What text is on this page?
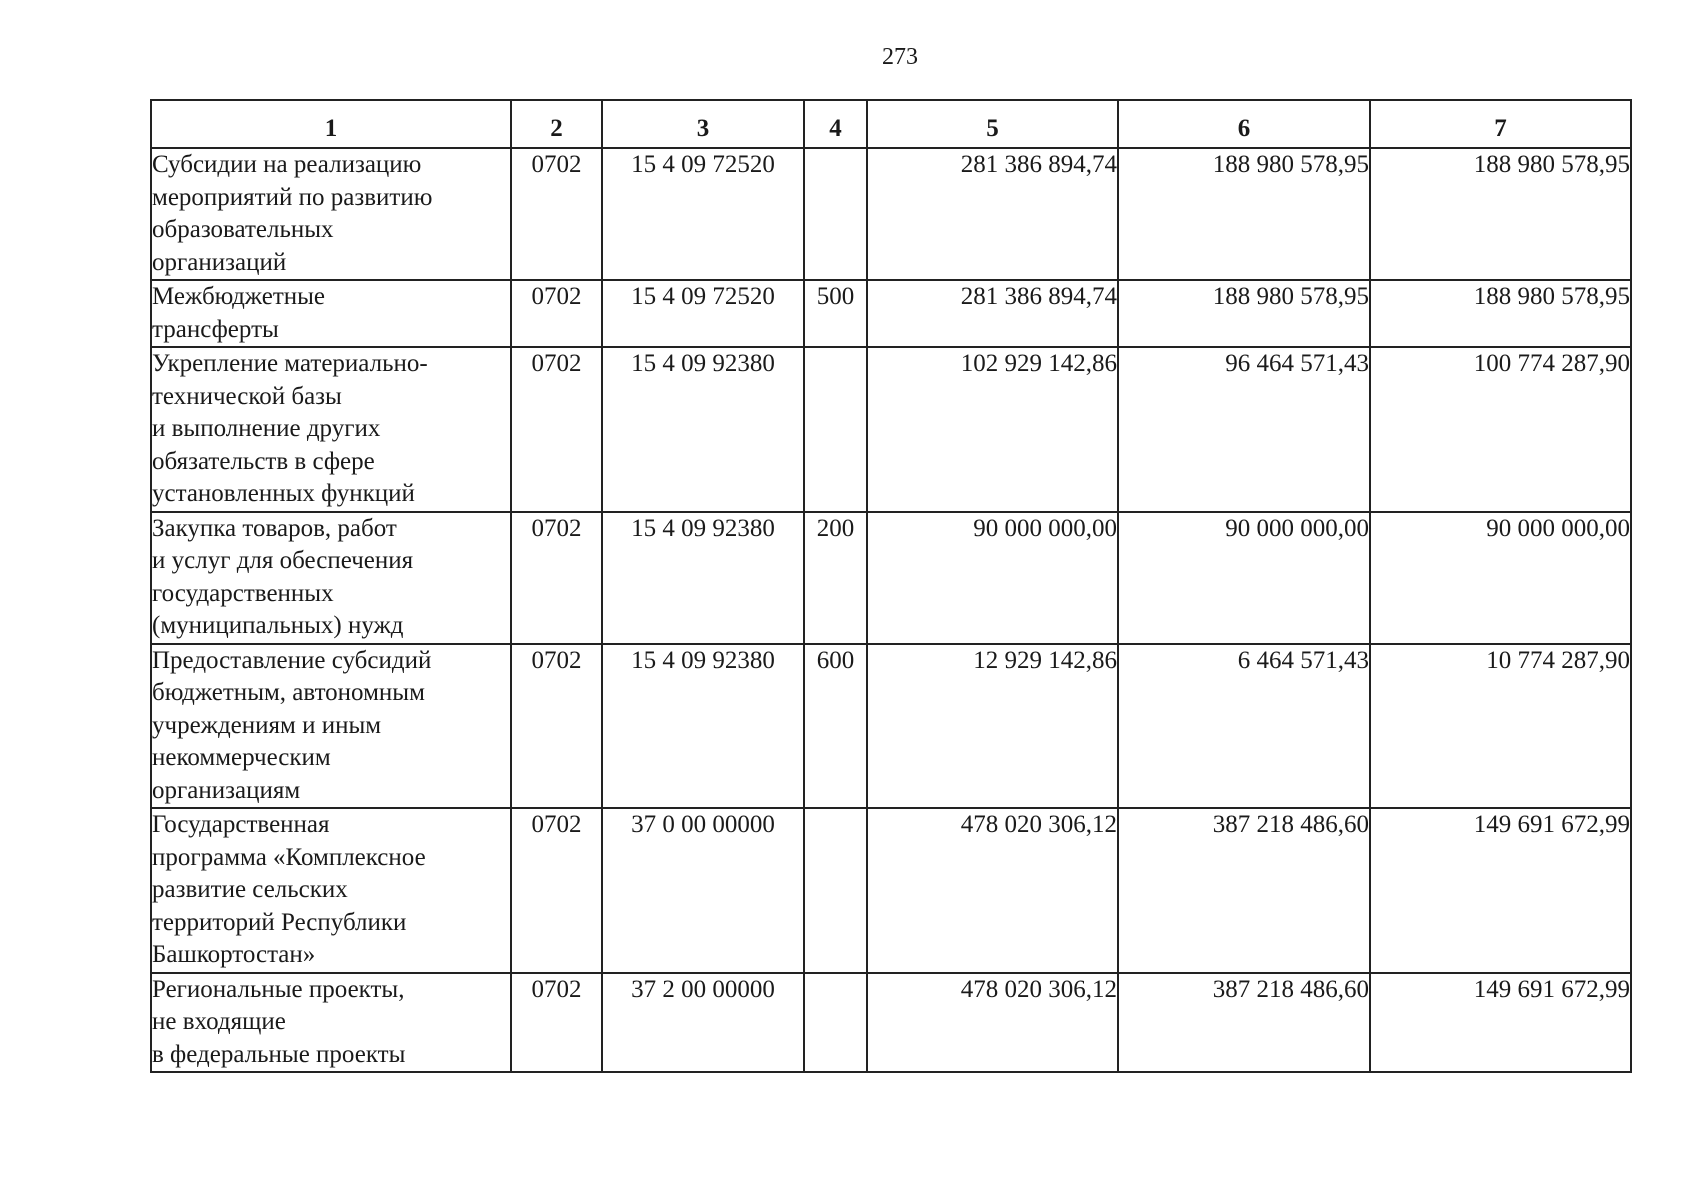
273
1	2	3	4	5	6	7

Субсидии на реализацию
мероприятий по развитию
образовательных
организаций	0702	15 4 09 72520		281 386 894,74	188 980 578,95	188 980 578,95

Межбюджетные
трансферты	0702	15 4 09 72520	500	281 386 894,74	188 980 578,95	188 980 578,95

Укрепление материально-
технической базы
и выполнение других
обязательств в сфере
установленных функций	0702	15 4 09 92380		102 929 142,86	96 464 571,43	100 774 287,90

Закупка товаров, работ
и услуг для обеспечения
государственных
(муниципальных) нужд	0702	15 4 09 92380	200	90 000 000,00	90 000 000,00	90 000 000,00

Предоставление субсидий
бюджетным, автономным
учреждениям и иным
некоммерческим
организациям	0702	15 4 09 92380	600	12 929 142,86	6 464 571,43	10 774 287,90

Государственная
программа «Комплексное
развитие сельских
территорий Республики
Башкортостан»	0702	37 0 00 00000		478 020 306,12	387 218 486,60	149 691 672,99

Региональные проекты,
не входящие
в федеральные проекты	0702	37 2 00 00000		478 020 306,12	387 218 486,60	149 691 672,99
